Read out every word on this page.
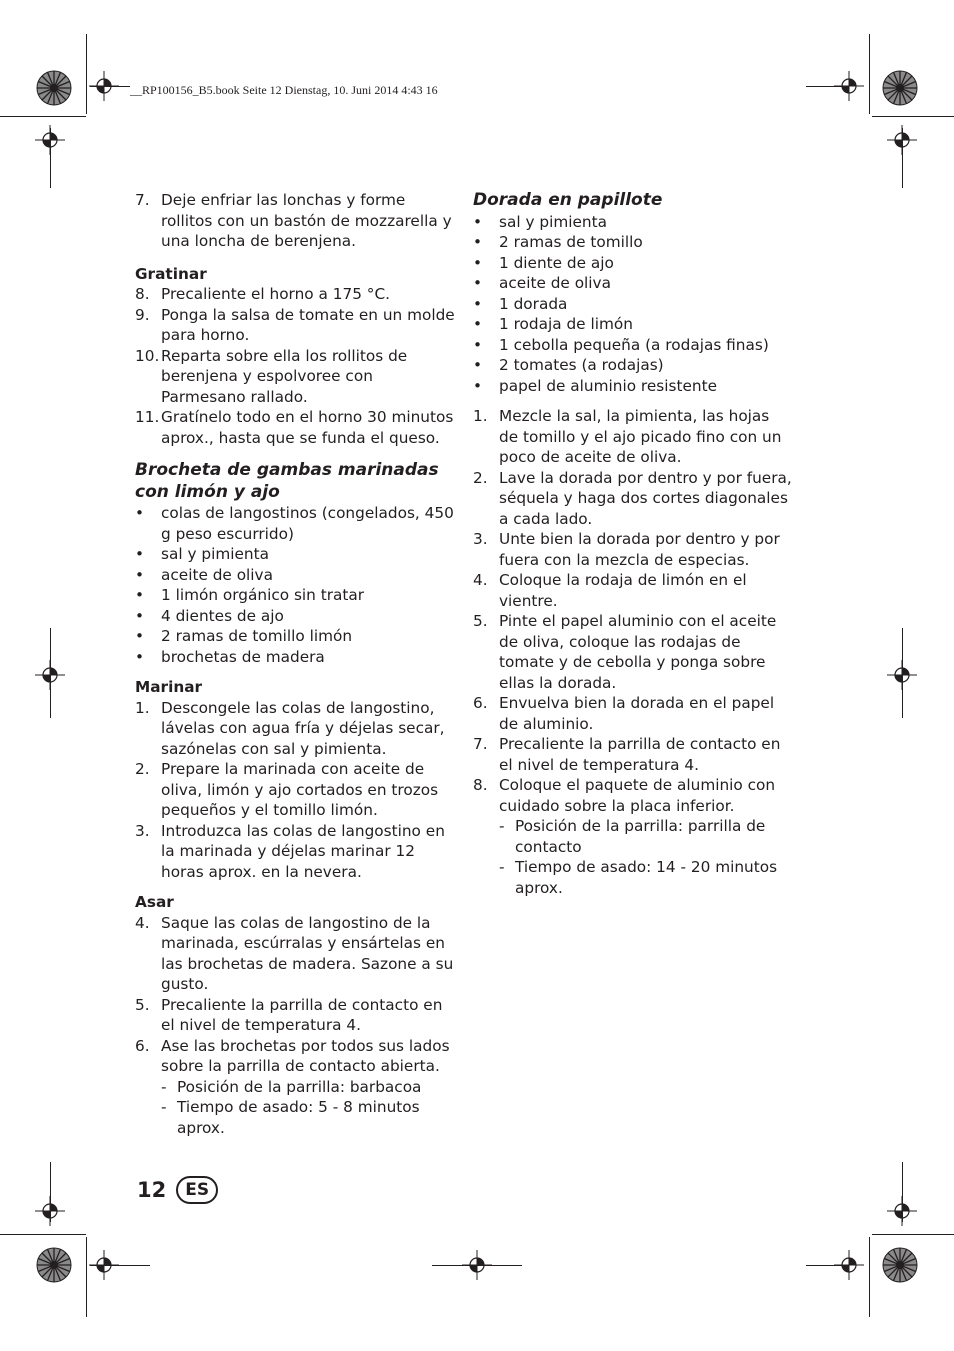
__RP100156_B5.book Seite 12 Dienstag, 10. Juni 2014 4:43 16
7. Deje enfriar las lonchas y forme rollitos con un bastón de mozzarella y una loncha de berenjena.

Gratinar

8. Precaliente el horno a 175 °C.
9. Ponga la salsa de tomate en un molde para horno.
10. Reparta sobre ella los rollitos de berenjena y espolvoree con Parmesano rallado.
11. Gratínelo todo en el horno 30 minutos aprox., hasta que se funda el queso.

Brocheta de gambas marinadas con limón y ajo

•	colas de langostinos (congelados, 450 g peso escurrido)
•	sal y pimienta
•	aceite de oliva
•	1 limón orgánico sin tratar
•	4 dientes de ajo
•	2 ramas de tomillo limón
•	brochetas de madera

Marinar

1. Descongele las colas de langostino, lávelas con agua fría y déjelas secar, sazónelas con sal y pimienta.
2. Prepare la marinada con aceite de oliva, limón y ajo cortados en trozos pequeños y el tomillo limón.
3. Introduzca las colas de langostino en la marinada y déjelas marinar 12 horas aprox. en la nevera.

Asar

4. Saque las colas de langostino de la marinada, escúrralas y ensártelas en las brochetas de madera. Sazone a su gusto.
5. Precaliente la parrilla de contacto en el nivel de temperatura 4.
6. Ase las brochetas por todos sus lados sobre la parrilla de contacto abierta.
- Posición de la parrilla: barbacoa
- Tiempo de asado: 5 - 8 minutos aprox.

Dorada en papillote

•	sal y pimienta
•	2 ramas de tomillo
•	1 diente de ajo
•	aceite de oliva
•	1 dorada
•	1 rodaja de limón
•	1 cebolla pequeña (a rodajas finas)
•	2 tomates (a rodajas)
•	papel de aluminio resistente
1. Mezcle la sal, la pimienta, las hojas de tomillo y el ajo picado fino con un poco de aceite de oliva.
2. Lave la dorada por dentro y por fuera, séquela y haga dos cortes diagonales a cada lado.
3. Unte bien la dorada por dentro y por fuera con la mezcla de especias.
4. Coloque la rodaja de limón en el vientre.
5. Pinte el papel aluminio con el aceite de oliva, coloque las rodajas de tomate y de cebolla y ponga sobre ellas la dorada.
6. Envuelva bien la dorada en el papel de aluminio.
7. Precaliente la parrilla de contacto en el nivel de temperatura 4.
8. Coloque el paquete de aluminio con cuidado sobre la placa inferior.
- Posición de la parrilla: parrilla de contacto
- Tiempo de asado: 14 - 20 minutos aprox.
12	ES
